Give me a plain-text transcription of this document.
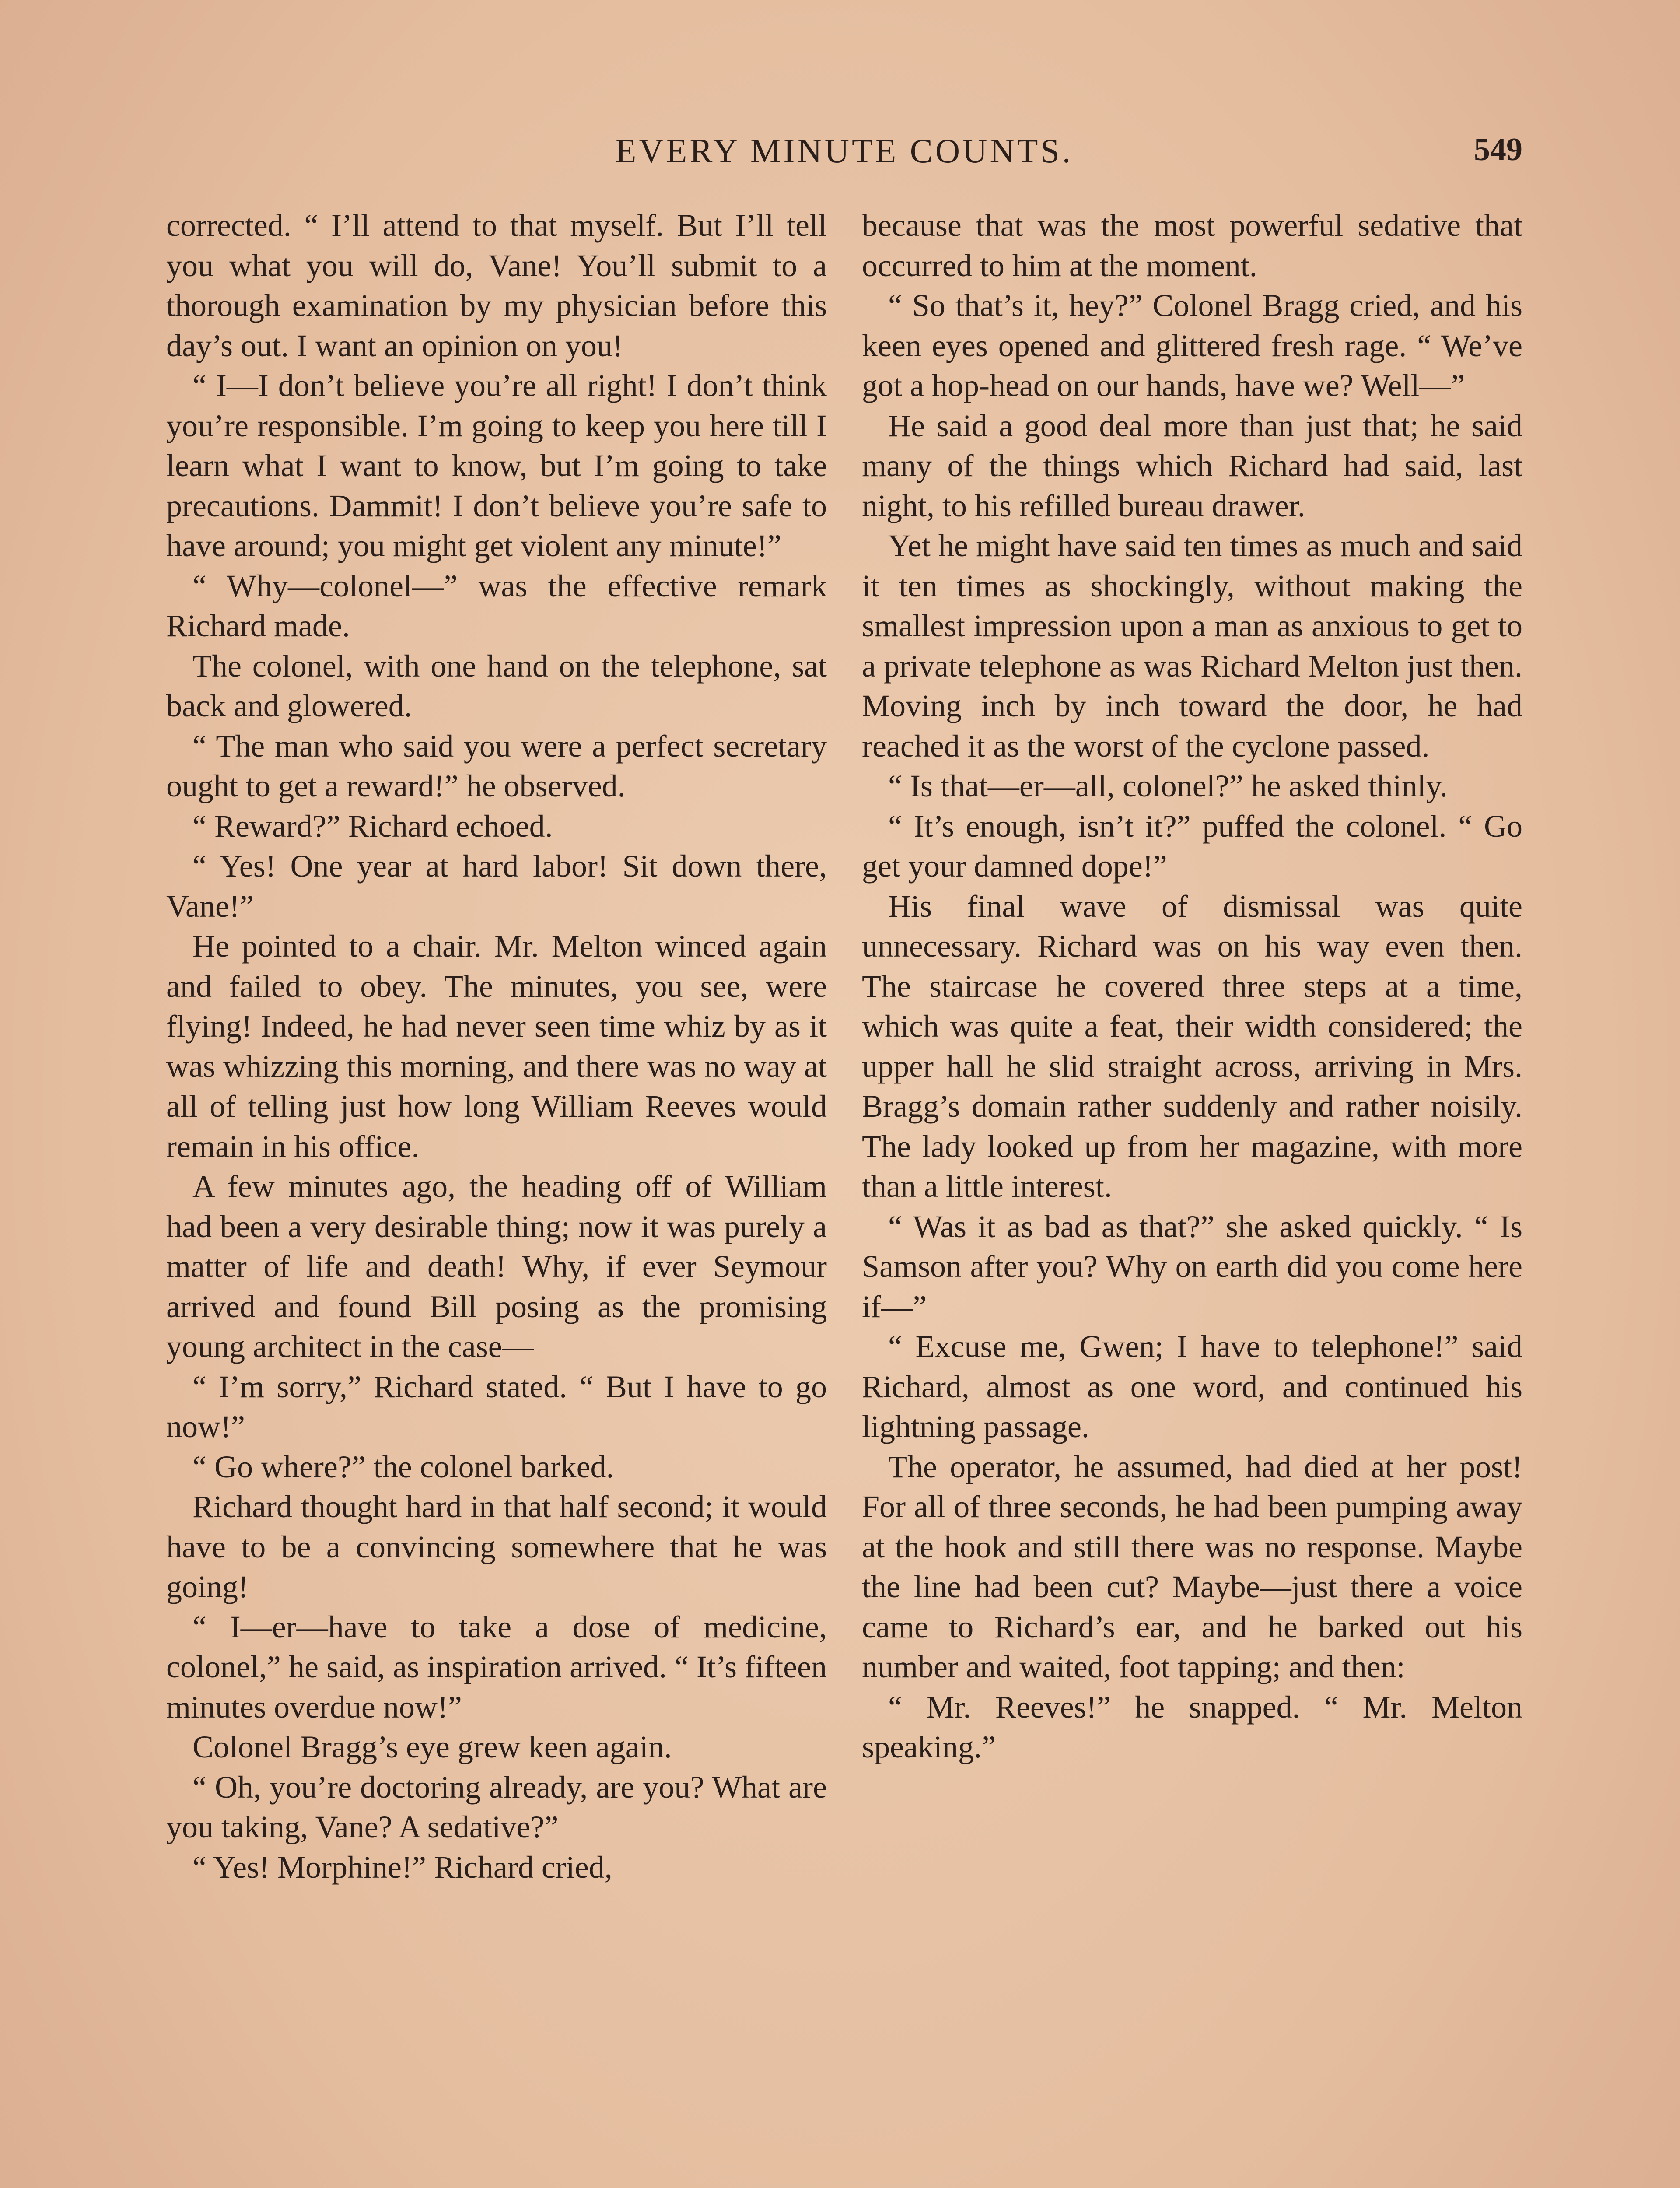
EVERY MINUTE COUNTS.	549

corrected. “ I’ll attend to that myself. But I’ll tell you what you will do, Vane! You’ll submit to a thorough examination by my physician before this day’s out. I want an opinion on you!

“ I—I don’t believe you’re all right! I don’t think you’re responsible. I’m going to keep you here till I learn what I want to know, but I’m going to take precautions. Dammit! I don’t believe you’re safe to have around; you might get violent any minute!”

“ Why—colonel—” was the effective remark Richard made.

The colonel, with one hand on the telephone, sat back and glowered.

“ The man who said you were a perfect secretary ought to get a reward!” he observed.

“ Reward?” Richard echoed.

“ Yes! One year at hard labor! Sit down there, Vane!”

He pointed to a chair. Mr. Melton winced again and failed to obey. The minutes, you see, were flying! Indeed, he had never seen time whiz by as it was whizzing this morning, and there was no way at all of telling just how long William Reeves would remain in his office.

A few minutes ago, the heading off of William had been a very desirable thing; now it was purely a matter of life and death! Why, if ever Seymour arrived and found Bill posing as the promising young architect in the case—

“ I’m sorry,” Richard stated. “ But I have to go now!”

“ Go where?” the colonel barked.

Richard thought hard in that half second; it would have to be a convincing somewhere that he was going!

“ I—er—have to take a dose of medicine, colonel,” he said, as inspiration arrived. “ It’s fifteen minutes overdue now!”

Colonel Bragg’s eye grew keen again.

“ Oh, you’re doctoring already, are you? What are you taking, Vane? A sedative?”

“ Yes! Morphine!” Richard cried,

because that was the most powerful sedative that occurred to him at the moment.

“ So that’s it, hey?” Colonel Bragg cried, and his keen eyes opened and glittered fresh rage. “ We’ve got a hop-head on our hands, have we? Well—”

He said a good deal more than just that; he said many of the things which Richard had said, last night, to his refilled bureau drawer.

Yet he might have said ten times as much and said it ten times as shockingly, without making the smallest impression upon a man as anxious to get to a private telephone as was Richard Melton just then. Moving inch by inch toward the door, he had reached it as the worst of the cyclone passed.

“ Is that—er—all, colonel?” he asked thinly.

“ It’s enough, isn’t it?” puffed the colonel. “ Go get your damned dope!”

His final wave of dismissal was quite unnecessary. Richard was on his way even then. The staircase he covered three steps at a time, which was quite a feat, their width considered; the upper hall he slid straight across, arriving in Mrs. Bragg’s domain rather suddenly and rather noisily. The lady looked up from her magazine, with more than a little interest.

“ Was it as bad as that?” she asked quickly. “ Is Samson after you? Why on earth did you come here if—”

“ Excuse me, Gwen; I have to telephone!” said Richard, almost as one word, and continued his lightning passage.

The operator, he assumed, had died at her post! For all of three seconds, he had been pumping away at the hook and still there was no response. Maybe the line had been cut? Maybe—just there a voice came to Richard’s ear, and he barked out his number and waited, foot tapping; and then:

“ Mr. Reeves!” he snapped. “ Mr. Melton speaking.”
